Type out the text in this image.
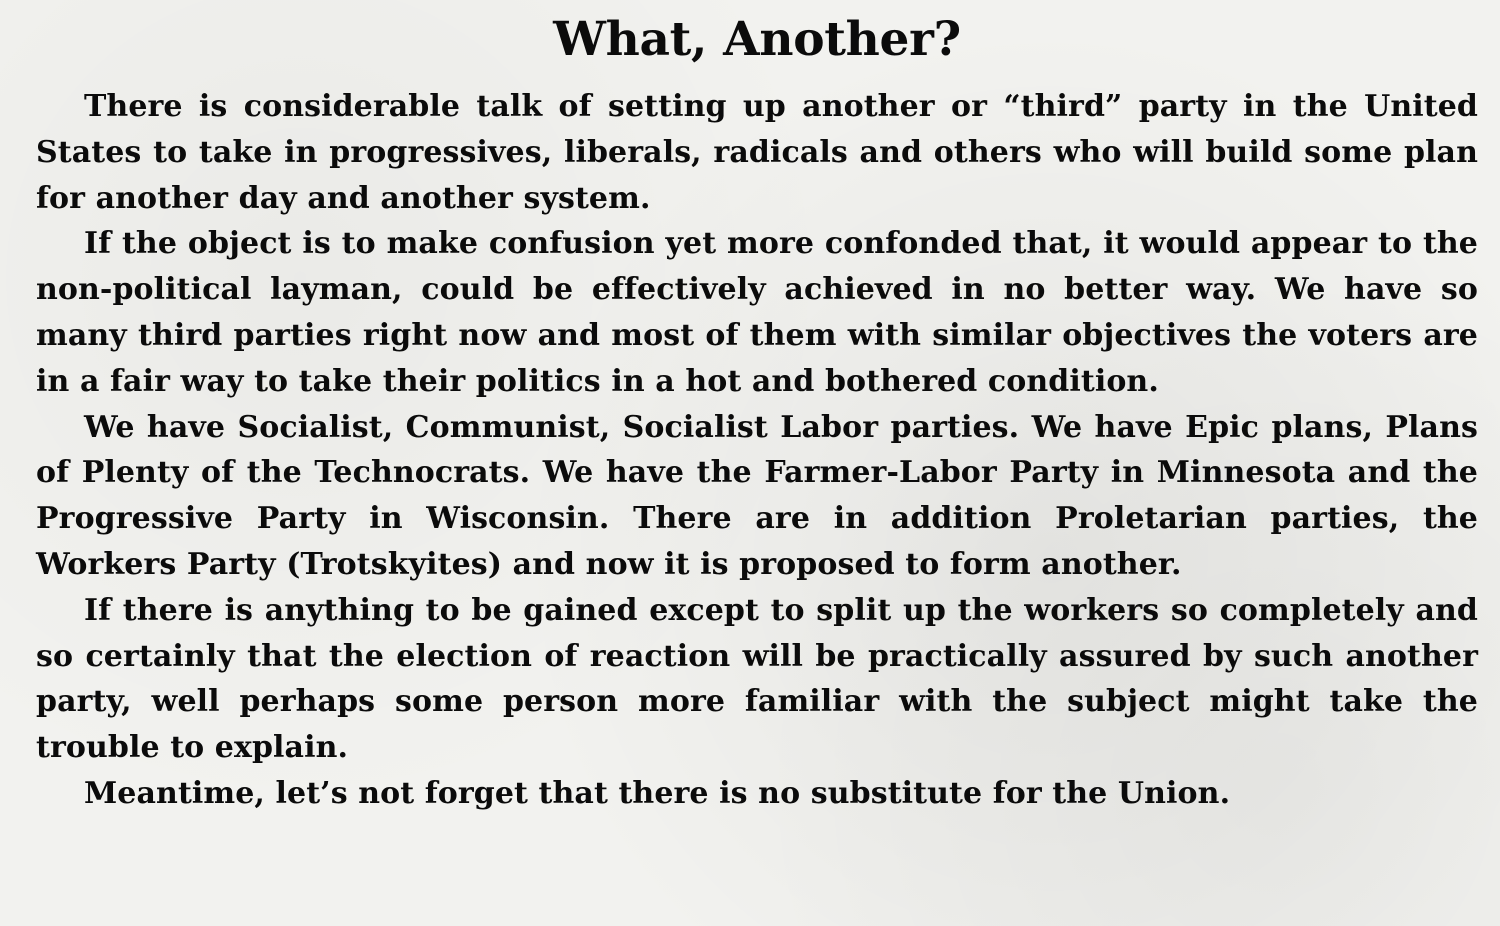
What, Another?

There is considerable talk of setting up another or “third” party in the United States to take in progressives, liberals, radicals and others who will build some plan for another day and another system.

If the object is to make confusion yet more confonded that, it would appear to the non-political layman, could be effectively achieved in no better way. We have so many third parties right now and most of them with similar objectives the voters are in a fair way to take their politics in a hot and bothered condition.

We have Socialist, Communist, Socialist Labor parties. We have Epic plans, Plans of Plenty of the Technocrats. We have the Farmer-Labor Party in Minnesota and the Progressive Party in Wisconsin. There are in addition Proletarian parties, the Workers Party (Trotskyites) and now it is proposed to form another.

If there is anything to be gained except to split up the workers so completely and so certainly that the election of reaction will be practically assured by such another party, well perhaps some person more familiar with the subject might take the trouble to explain.

Meantime, let’s not forget that there is no substitute for the Union.
